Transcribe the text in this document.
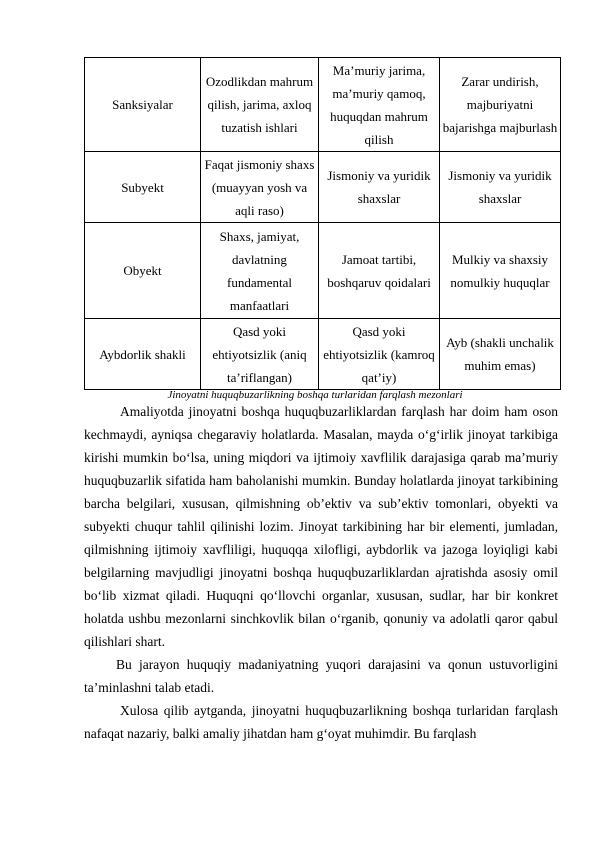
Sanksiyalar	Ozodlikdan mahrum qilish, jarima, axloq tuzatish ishlari	Ma’muriy jarima, ma’muriy qamoq, huquqdan mahrum qilish	Zarar undirish, majburiyatni bajarishga majburlash
Subyekt	Faqat jismoniy shaxs (muayyan yosh va aqli raso)	Jismoniy va yuridik shaxslar	Jismoniy va yuridik shaxslar
Obyekt	Shaxs, jamiyat, davlatning fundamental manfaatlari	Jamoat tartibi, boshqaruv qoidalari	Mulkiy va shaxsiy nomulkiy huquqlar
Aybdorlik shakli	Qasd yoki ehtiyotsizlik (aniq ta’riflangan)	Qasd yoki ehtiyotsizlik (kamroq qat’iy)	Ayb (shakli unchalik muhim emas)
Jinoyatni huquqbuzarlikning boshqa turlaridan farqlash mezonlari

Amaliyotda jinoyatni boshqa huquqbuzarliklardan farqlash har doim ham oson kechmaydi, ayniqsa chegaraviy holatlarda. Masalan, mayda o‘g‘irlik jinoyat tarkibiga kirishi mumkin bo‘lsa, uning miqdori va ijtimoiy xavflilik darajasiga qarab ma’muriy huquqbuzarlik sifatida ham baholanishi mumkin. Bunday holatlarda jinoyat tarkibining barcha belgilari, xususan, qilmishning ob’ektiv va sub’ektiv tomonlari, obyekti va subyekti chuqur tahlil qilinishi lozim. Jinoyat tarkibining har bir elementi, jumladan, qilmishning ijtimoiy xavfliligi, huquqqa xilofligi, aybdorlik va jazoga loyiqligi kabi belgilarning mavjudligi jinoyatni boshqa huquqbuzarliklardan ajratishda asosiy omil bo‘lib xizmat qiladi. Huquqni qo‘llovchi organlar, xususan, sudlar, har bir konkret holatda ushbu mezonlarni sinchkovlik bilan o‘rganib, qonuniy va adolatli qaror qabul qilishlari shart.

Bu jarayon huquqiy madaniyatning yuqori darajasini va qonun ustuvorligini ta’minlashni talab etadi.

Xulosa qilib aytganda, jinoyatni huquqbuzarlikning boshqa turlaridan farqlash nafaqat nazariy, balki amaliy jihatdan ham g‘oyat muhimdir. Bu farqlash
